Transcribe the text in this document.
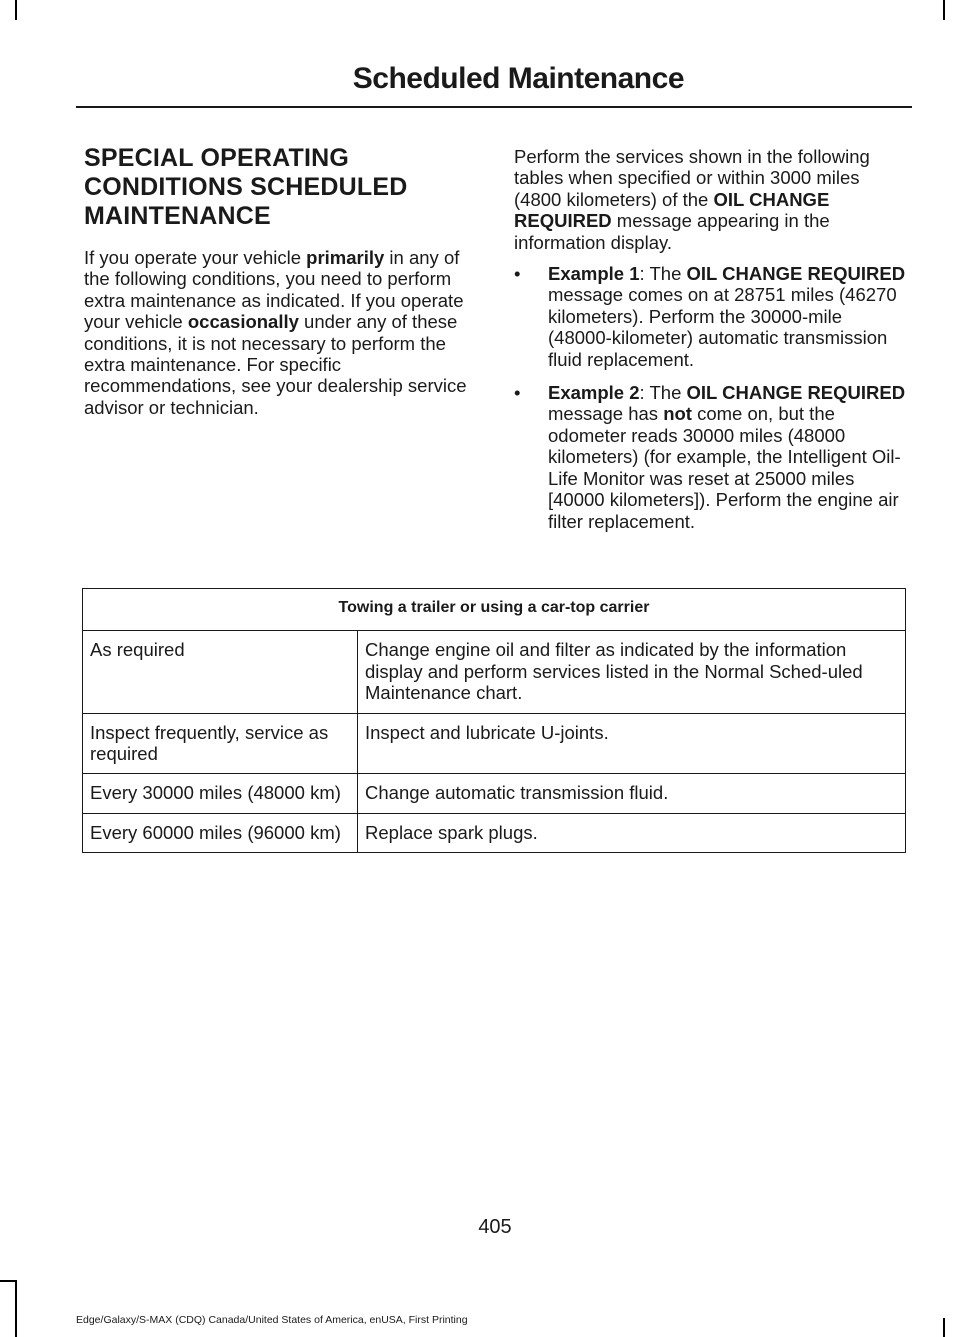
Scheduled Maintenance
SPECIAL OPERATING
CONDITIONS SCHEDULED
MAINTENANCE

If you operate your vehicle primarily in any of the following conditions, you need to perform extra maintenance as indicated. If you operate your vehicle occasionally under any of these conditions, it is not necessary to perform the extra maintenance. For specific recommendations, see your dealership service advisor or technician.

Perform the services shown in the following tables when specified or within 3000 miles (4800 kilometers) of the OIL CHANGE REQUIRED message appearing in the information display.

• Example 1: The OIL CHANGE REQUIRED message comes on at 28751 miles (46270 kilometers). Perform the 30000-mile (48000-kilometer) automatic transmission fluid replacement.
• Example 2: The OIL CHANGE REQUIRED message has not come on, but the odometer reads 30000 miles (48000 kilometers) (for example, the Intelligent Oil-Life Monitor was reset at 25000 miles [40000 kilometers]). Perform the engine air filter replacement.
Towing a trailer or using a car-top carrier	
As required	Change engine oil and filter as indicated by the information display and perform services listed in the Normal Sched-uled Maintenance chart.
Inspect frequently, service as required	Inspect and lubricate U-joints.
Every 30000 miles (48000 km)	Change automatic transmission fluid.
Every 60000 miles (96000 km)	Replace spark plugs.
405
Edge/Galaxy/S-MAX (CDQ) Canada/United States of America, enUSA, First Printing
